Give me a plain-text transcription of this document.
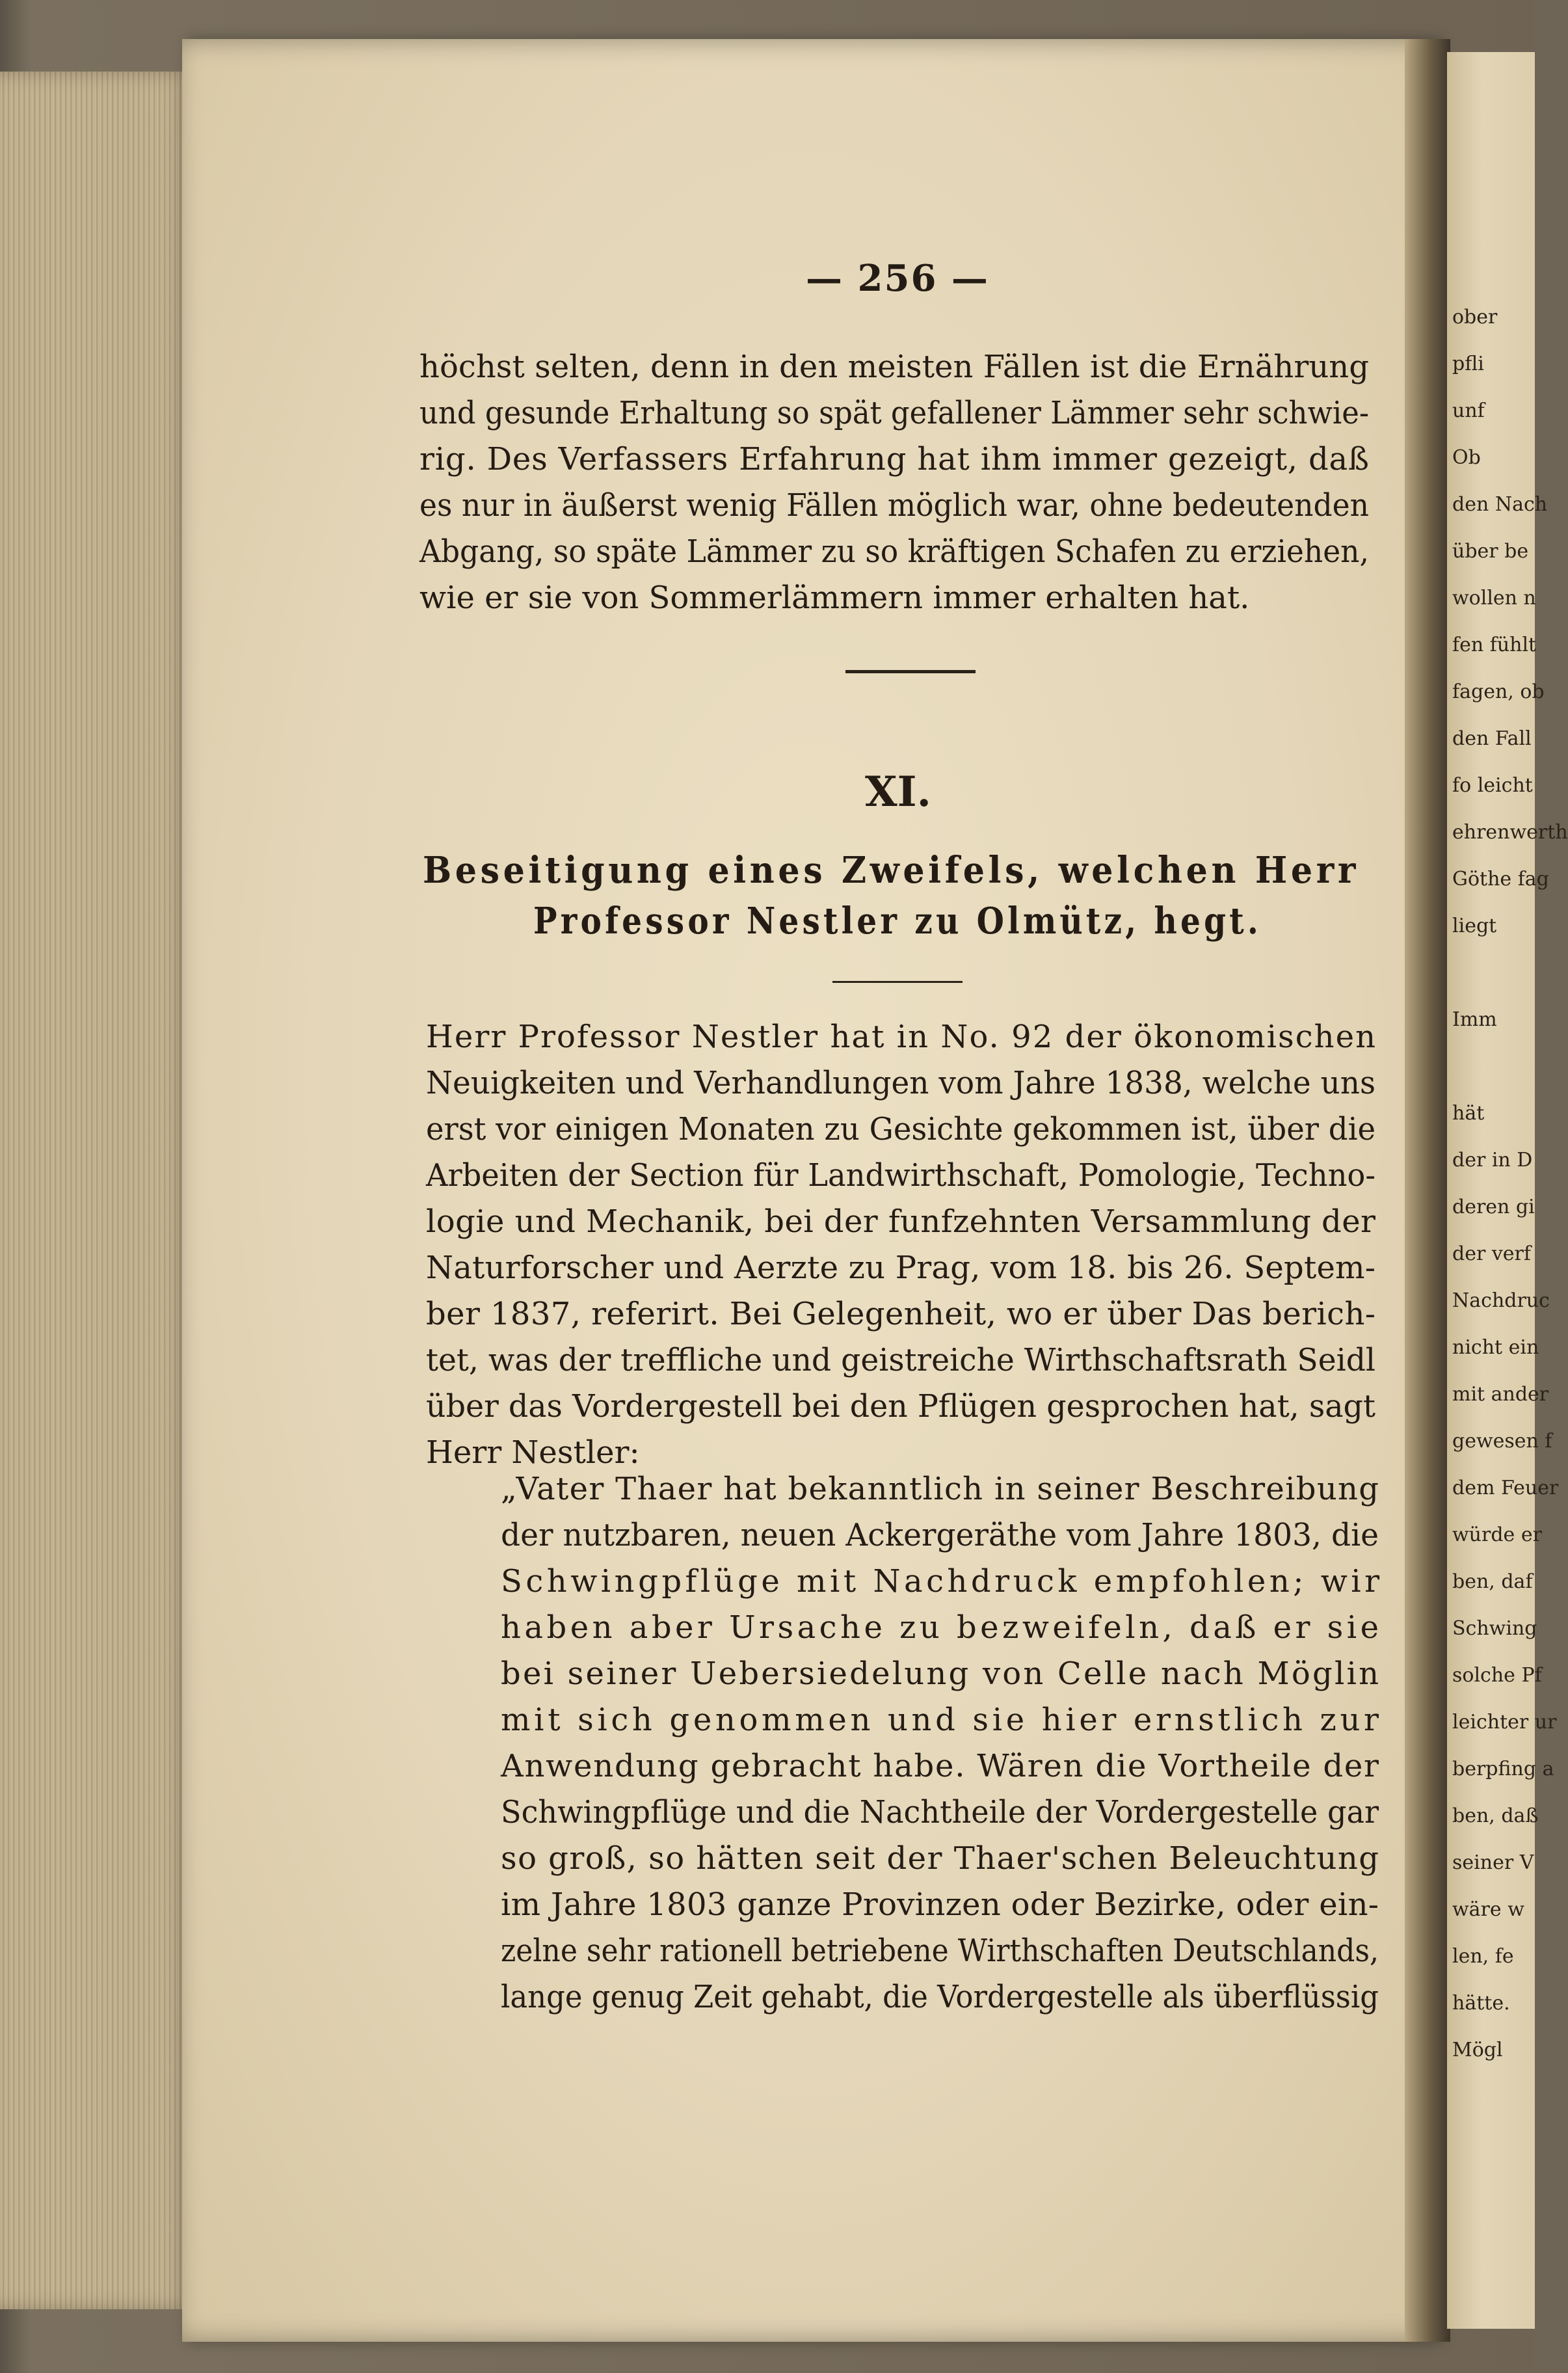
ober
pfli
unf
Ob
den Nach
über be
wollen n
fen fühlt
fagen, ob
den Fall
fo leicht
ehrenwerth
Göthe fag
liegt
Imm
hät
der in D
deren gi
der verf
Nachdruc
nicht ein
mit ander
gewesen f
dem Feuer
würde er
ben, daf
Schwing
solche Pf
leichter ur
berpfing a
ben, daß
seiner V
wäre w
len, fe
hätte.
Mögl
— 256 —
XI.
höchst selten, denn in den meisten Fällen ist die Ernährung
und gesunde Erhaltung so spät gefallener Lämmer sehr schwie-
rig. Des Verfassers Erfahrung hat ihm immer gezeigt, daß
es nur in äußerst wenig Fällen möglich war, ohne bedeutenden
Abgang, so späte Lämmer zu so kräftigen Schafen zu erziehen,
wie er sie von Sommerlämmern immer erhalten hat.
Beseitigung eines Zweifels, welchen Herr
Professor Nestler zu Olmütz, hegt.
Herr Professor Nestler hat in No. 92 der ökonomischen
Neuigkeiten und Verhandlungen vom Jahre 1838, welche uns
erst vor einigen Monaten zu Gesichte gekommen ist, über die
Arbeiten der Section für Landwirthschaft, Pomologie, Techno-
logie und Mechanik, bei der funfzehnten Versammlung der
Naturforscher und Aerzte zu Prag, vom 18. bis 26. Septem-
ber 1837, referirt. Bei Gelegenheit, wo er über Das berich-
tet, was der treffliche und geistreiche Wirthschaftsrath Seidl
über das Vordergestell bei den Pflügen gesprochen hat, sagt
Herr Nestler:
„Vater Thaer hat bekanntlich in seiner Beschreibung
der nutzbaren, neuen Ackergeräthe vom Jahre 1803, die
Schwingpflüge mit Nachdruck empfohlen; wir
haben aber Ursache zu bezweifeln, daß er sie
bei seiner Uebersiedelung von Celle nach Möglin
mit sich genommen und sie hier ernstlich zur
Anwendung gebracht habe. Wären die Vortheile der
Schwingpflüge und die Nachtheile der Vordergestelle gar
so groß, so hätten seit der Thaer'schen Beleuchtung
im Jahre 1803 ganze Provinzen oder Bezirke, oder ein-
zelne sehr rationell betriebene Wirthschaften Deutschlands,
lange genug Zeit gehabt, die Vordergestelle als überflüssig
